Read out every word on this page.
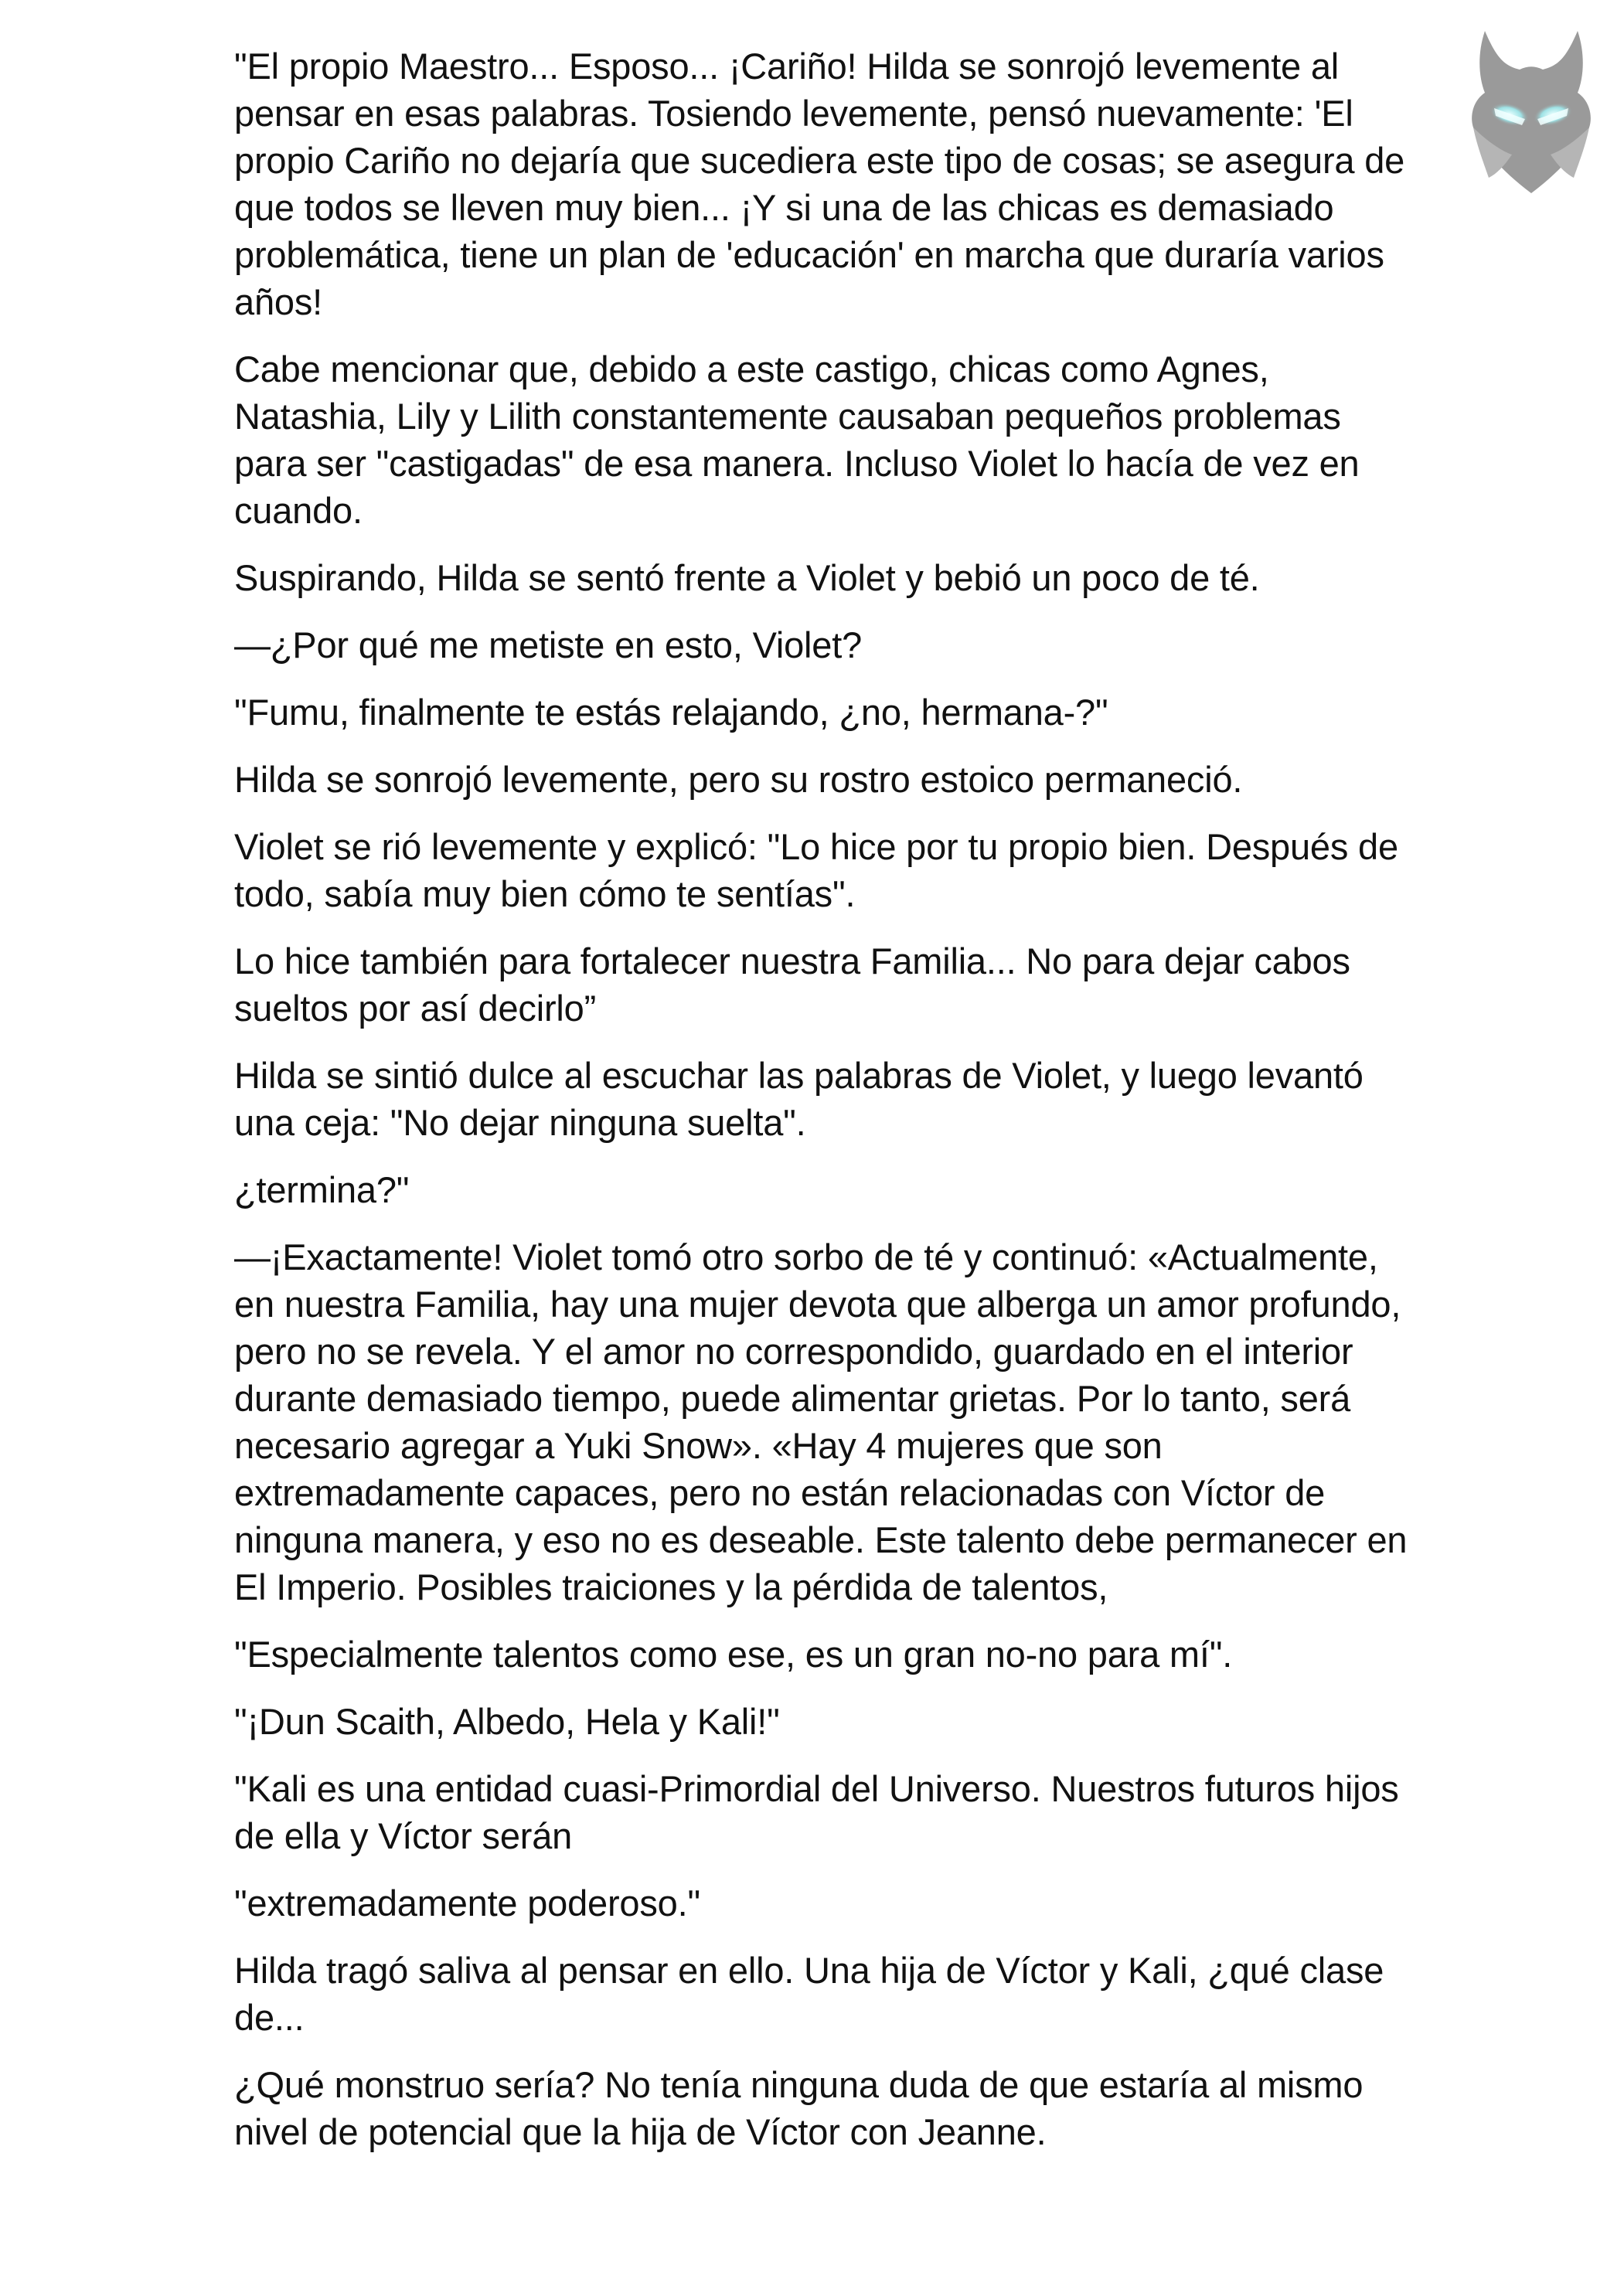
"El propio Maestro... Esposo... ¡Cariño! Hilda se sonrojó levemente al pensar en esas palabras. Tosiendo levemente, pensó nuevamente: 'El propio Cariño no dejaría que sucediera este tipo de cosas; se asegura de que todos se lleven muy bien... ¡Y si una de las chicas es demasiado problemática, tiene un plan de 'educación' en marcha que duraría varios años!

Cabe mencionar que, debido a este castigo, chicas como Agnes, Natashia, Lily y Lilith constantemente causaban pequeños problemas para ser "castigadas" de esa manera. Incluso Violet lo hacía de vez en cuando.

Suspirando, Hilda se sentó frente a Violet y bebió un poco de té.

—¿Por qué me metiste en esto, Violet?

"Fumu, finalmente te estás relajando, ¿no, hermana-?"

Hilda se sonrojó levemente, pero su rostro estoico permaneció.

Violet se rió levemente y explicó: "Lo hice por tu propio bien. Después de todo, sabía muy bien cómo te sentías".

Lo hice también para fortalecer nuestra Familia... No para dejar cabos sueltos por así decirlo”

Hilda se sintió dulce al escuchar las palabras de Violet, y luego levantó una ceja: "No dejar ninguna suelta".

¿termina?"

—¡Exactamente! Violet tomó otro sorbo de té y continuó: «Actualmente, en nuestra Familia, hay una mujer devota que alberga un amor profundo, pero no se revela. Y el amor no correspondido, guardado en el interior durante demasiado tiempo, puede alimentar grietas. Por lo tanto, será necesario agregar a Yuki Snow». «Hay 4 mujeres que son extremadamente capaces, pero no están relacionadas con Víctor de ninguna manera, y eso no es deseable. Este talento debe permanecer en El Imperio. Posibles traiciones y la pérdida de talentos,

"Especialmente talentos como ese, es un gran no-no para mí".

"¡Dun Scaith, Albedo, Hela y Kali!"

"Kali es una entidad cuasi-Primordial del Universo. Nuestros futuros hijos de ella y Víctor serán

"extremadamente poderoso."

Hilda tragó saliva al pensar en ello. Una hija de Víctor y Kali, ¿qué clase de...

¿Qué monstruo sería? No tenía ninguna duda de que estaría al mismo nivel de potencial que la hija de Víctor con Jeanne.
